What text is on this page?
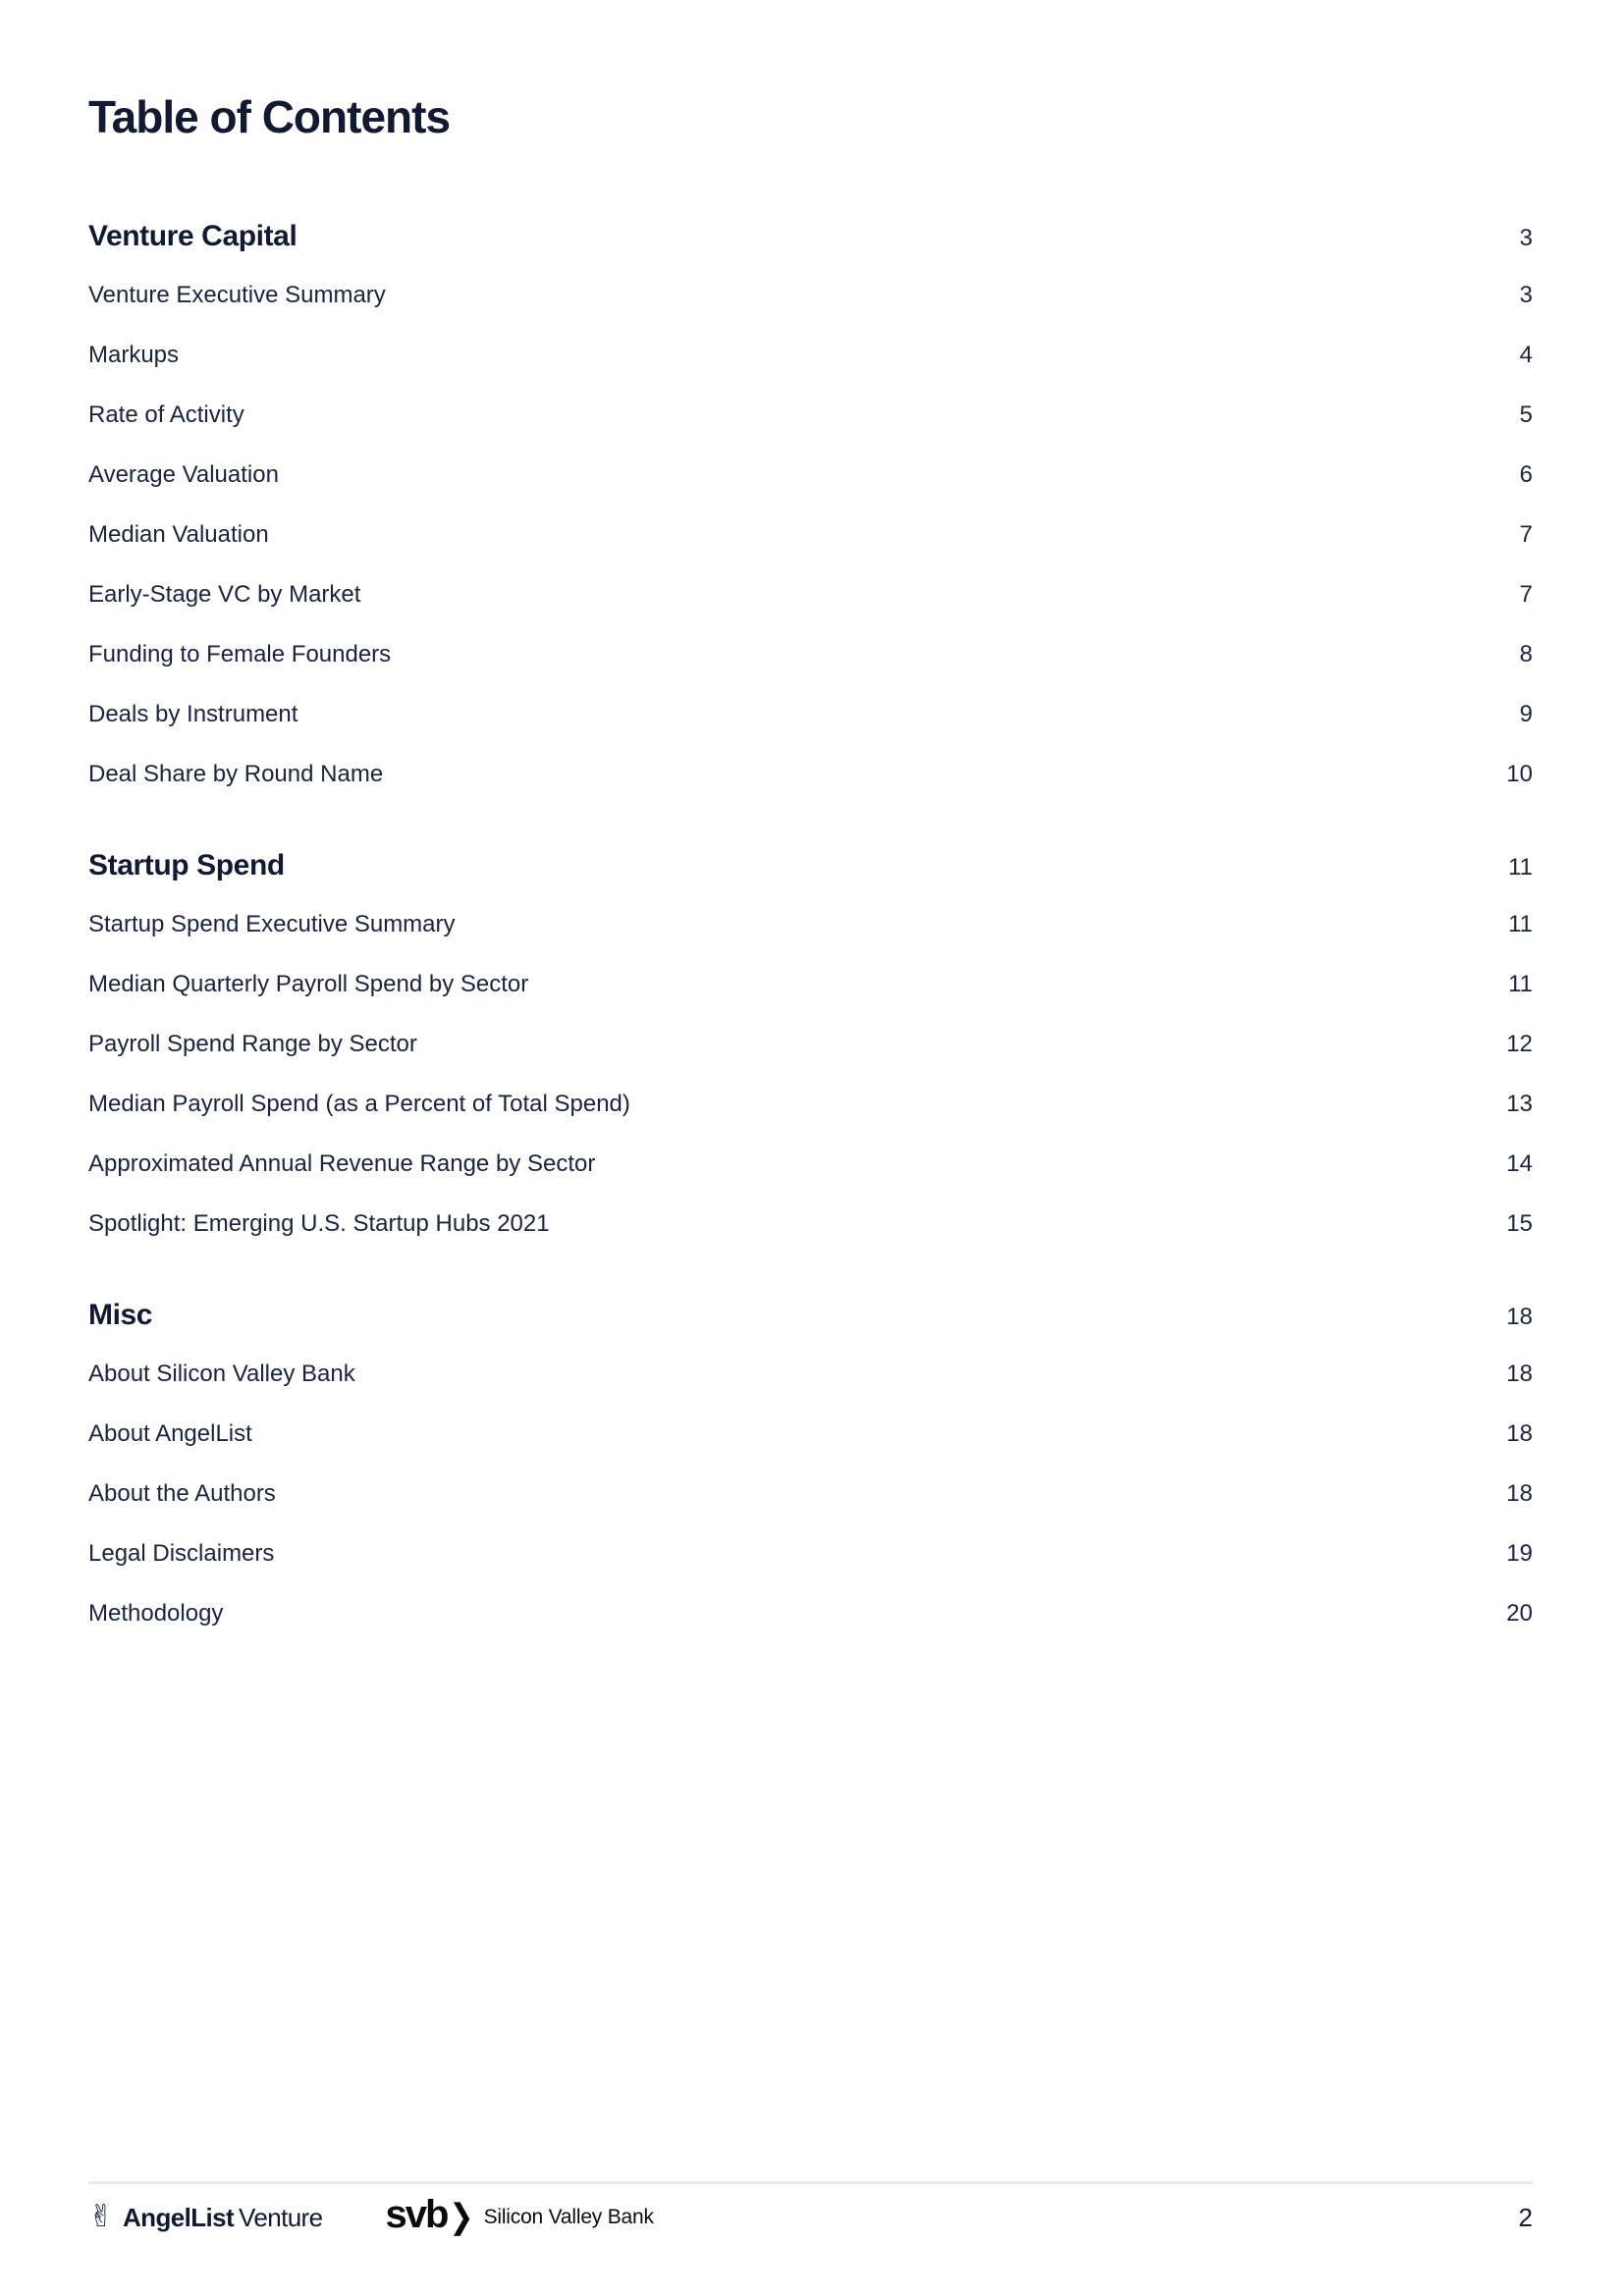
Table of Contents
Venture Capital	3
Venture Executive Summary	3
Markups	4
Rate of Activity	5
Average Valuation	6
Median Valuation	7
Early-Stage VC by Market	7
Funding to Female Founders	8
Deals by Instrument	9
Deal Share by Round Name	10
Startup Spend	11
Startup Spend Executive Summary	11
Median Quarterly Payroll Spend by Sector	11
Payroll Spend Range by Sector	12
Median Payroll Spend (as a Percent of Total Spend)	13
Approximated Annual Revenue Range by Sector	14
Spotlight: Emerging U.S. Startup Hubs 2021	15
Misc	18
About Silicon Valley Bank	18
About AngelList	18
About the Authors	18
Legal Disclaimers	19
Methodology	20
✌ AngelList Venture svb ❯ Silicon Valley Bank	2
